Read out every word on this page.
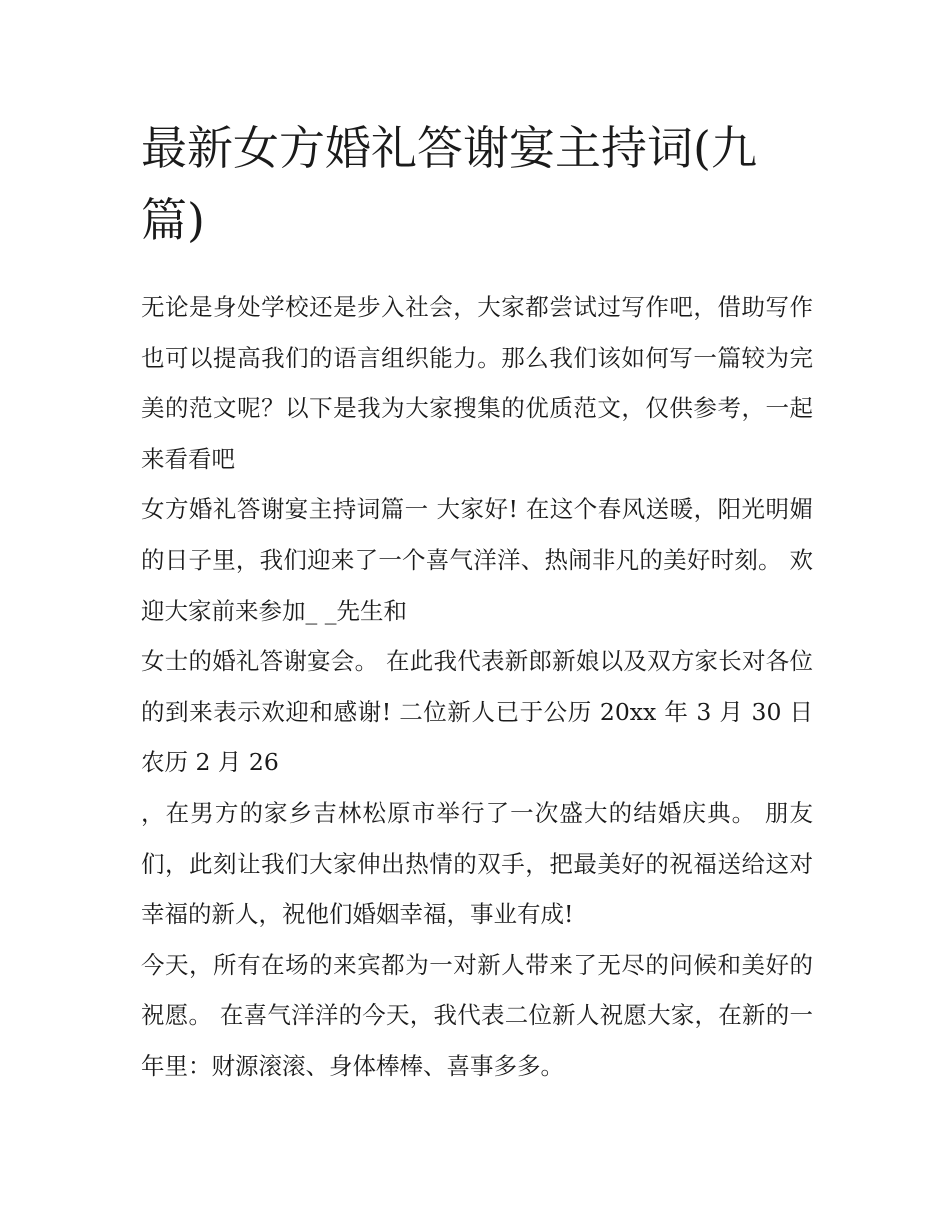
最新女方婚礼答谢宴主持词(九篇)

无论是身处学校还是步入社会，大家都尝试过写作吧，借助写作也可以提高我们的语言组织能力。那么我们该如何写一篇较为完美的范文呢？以下是我为大家搜集的优质范文，仅供参考，一起来看看吧

女方婚礼答谢宴主持词篇一 大家好! 在这个春风送暖，阳光明媚的日子里，我们迎来了一个喜气洋洋、热闹非凡的美好时刻。 欢迎大家前来参加_ _先生和

女士的婚礼答谢宴会。 在此我代表新郎新娘以及双方家长对各位的到来表示欢迎和感谢! 二位新人已于公历 20xx 年 3 月 30 日农历 2 月 26

，在男方的家乡吉林松原市举行了一次盛大的结婚庆典。 朋友们，此刻让我们大家伸出热情的双手，把最美好的祝福送给这对幸福的新人，祝他们婚姻幸福，事业有成!

今天，所有在场的来宾都为一对新人带来了无尽的问候和美好的祝愿。 在喜气洋洋的今天，我代表二位新人祝愿大家，在新的一年里：财源滚滚、身体棒棒、喜事多多。
